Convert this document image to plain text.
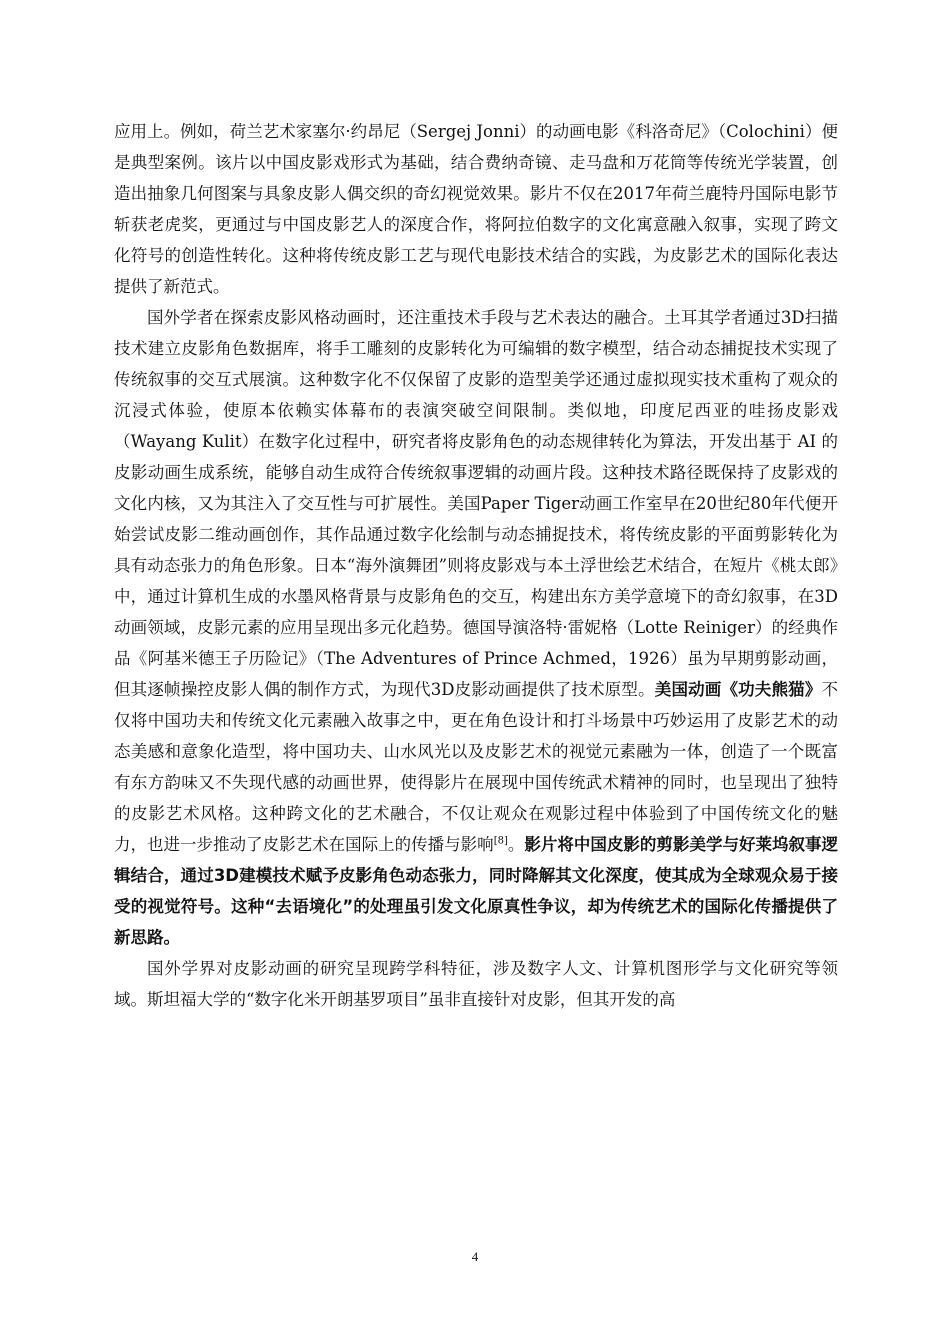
应用上。例如，荷兰艺术家塞尔·约昂尼（Sergej Jonni）的动画电影《科洛奇尼》（Colochini）便是典型案例。该片以中国皮影戏形式为基础，结合费纳奇镜、走马盘和万花筒等传统光学装置，创造出抽象几何图案与具象皮影人偶交织的奇幻视觉效果。影片不仅在2017年荷兰鹿特丹国际电影节斩获老虎奖，更通过与中国皮影艺人的深度合作，将阿拉伯数字的文化寓意融入叙事，实现了跨文化符号的创造性转化。这种将传统皮影工艺与现代电影技术结合的实践，为皮影艺术的国际化表达提供了新范式。

国外学者在探索皮影风格动画时，还注重技术手段与艺术表达的融合。土耳其学者通过3D扫描技术建立皮影角色数据库，将手工雕刻的皮影转化为可编辑的数字模型，结合动态捕捉技术实现了传统叙事的交互式展演。这种数字化不仅保留了皮影的造型美学还通过虚拟现实技术重构了观众的沉浸式体验，使原本依赖实体幕布的表演突破空间限制。类似地，印度尼西亚的哇扬皮影戏（Wayang Kulit）在数字化过程中，研究者将皮影角色的动态规律转化为算法，开发出基于 AI 的皮影动画生成系统，能够自动生成符合传统叙事逻辑的动画片段。这种技术路径既保持了皮影戏的文化内核，又为其注入了交互性与可扩展性。美国Paper Tiger动画工作室早在20世纪80年代便开始尝试皮影二维动画创作，其作品通过数字化绘制与动态捕捉技术，将传统皮影的平面剪影转化为具有动态张力的角色形象。日本“海外演舞团”则将皮影戏与本土浮世绘艺术结合，在短片《桃太郎》中，通过计算机生成的水墨风格背景与皮影角色的交互，构建出东方美学意境下的奇幻叙事，在3D动画领域，皮影元素的应用呈现出多元化趋势。德国导演洛特·雷妮格（Lotte Reiniger）的经典作品《阿基米德王子历险记》（The Adventures of Prince Achmed，1926）虽为早期剪影动画，但其逐帧操控皮影人偶的制作方式，为现代3D皮影动画提供了技术原型。美国动画《功夫熊猫》不仅将中国功夫和传统文化元素融入故事之中，更在角色设计和打斗场景中巧妙运用了皮影艺术的动态美感和意象化造型，将中国功夫、山水风光以及皮影艺术的视觉元素融为一体，创造了一个既富有东方韵味又不失现代感的动画世界，使得影片在展现中国传统武术精神的同时，也呈现出了独特的皮影艺术风格。这种跨文化的艺术融合，不仅让观众在观影过程中体验到了中国传统文化的魅力，也进一步推动了皮影艺术在国际上的传播与影响[8]。影片将中国皮影的剪影美学与好莱坞叙事逻辑结合，通过3D建模技术赋予皮影角色动态张力，同时降解其文化深度，使其成为全球观众易于接受的视觉符号。这种“去语境化”的处理虽引发文化原真性争议，却为传统艺术的国际化传播提供了新思路。

国外学界对皮影动画的研究呈现跨学科特征，涉及数字人文、计算机图形学与文化研究等领域。斯坦福大学的“数字化米开朗基罗项目”虽非直接针对皮影，但其开发的高

4
